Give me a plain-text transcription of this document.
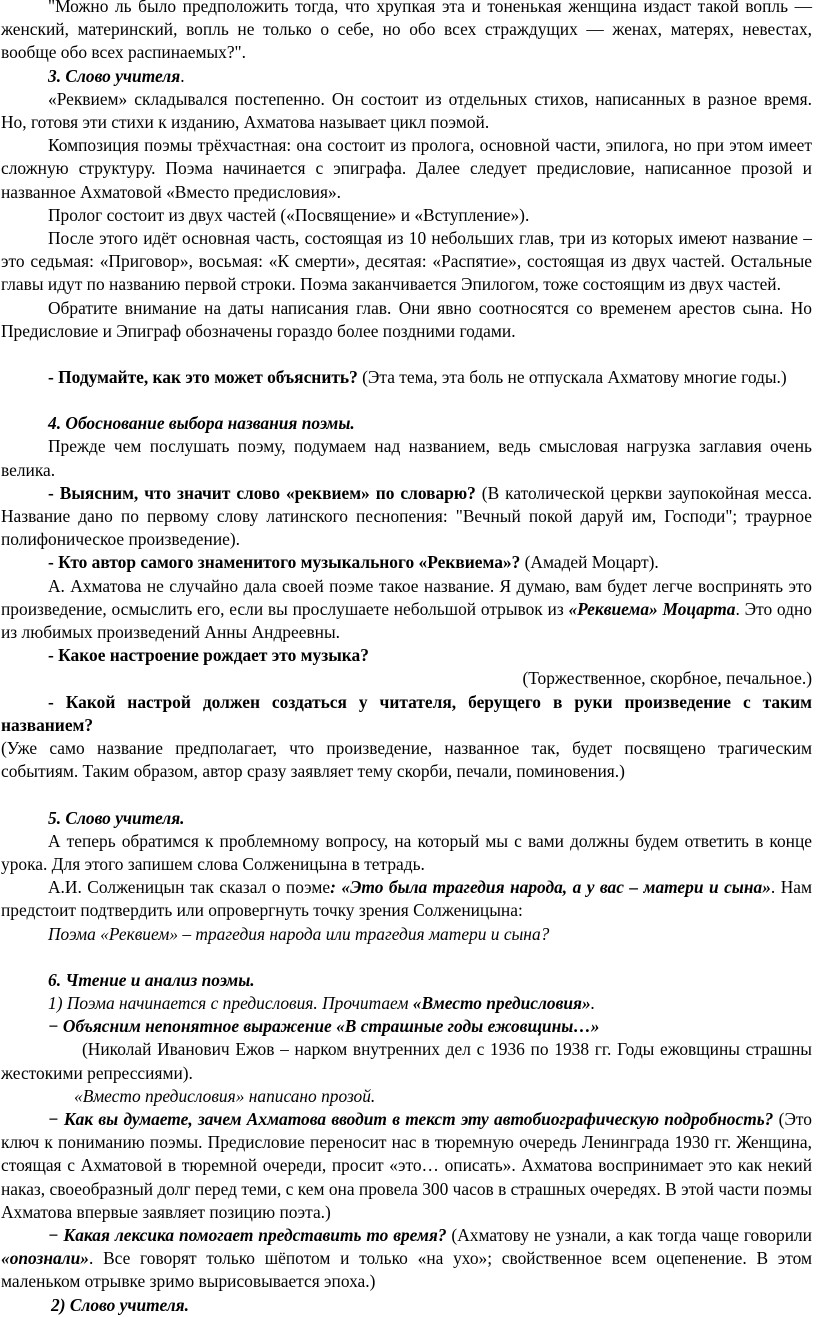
"Можно ль было предположить тогда, что хрупкая эта и тоненькая женщина издаст такой вопль — женский, материнский, вопль не только о себе, но обо всех страждущих — женах, матерях, невестах, вообще обо всех распинаемых?".

3. Слово учителя.

«Реквием» складывался постепенно. Он состоит из отдельных стихов, написанных в разное время. Но, готовя эти стихи к изданию, Ахматова называет цикл поэмой.

Композиция поэмы трёхчастная: она состоит из пролога, основной части, эпилога, но при этом имеет сложную структуру. Поэма начинается с эпиграфа. Далее следует предисловие, написанное прозой и названное Ахматовой «Вместо предисловия».

Пролог состоит из двух частей («Посвящение» и «Вступление»).

После этого идёт основная часть, состоящая из 10 небольших глав, три из которых имеют название – это седьмая: «Приговор», восьмая: «К смерти», десятая: «Распятие», состоящая из двух частей. Остальные главы идут по названию первой строки. Поэма заканчивается Эпилогом, тоже состоящим из двух частей.

Обратите внимание на даты написания глав. Они явно соотносятся со временем арестов сына. Но Предисловие и Эпиграф обозначены гораздо более поздними годами.

- Подумайте, как это может объяснить? (Эта тема, эта боль не отпускала Ахматову многие годы.)

4. Обоснование выбора названия поэмы.

Прежде чем послушать поэму, подумаем над названием, ведь смысловая нагрузка заглавия очень велика.

- Выясним, что значит слово «реквием» по словарю? (В католической церкви заупокойная месса. Название дано по первому слову латинского песнопения: "Вечный покой даруй им, Господи"; траурное полифоническое произведение).

- Кто автор самого знаменитого музыкального «Реквиема»? (Амадей Моцарт).

А. Ахматова не случайно дала своей поэме такое название. Я думаю, вам будет легче воспринять это произведение, осмыслить его, если вы прослушаете небольшой отрывок из «Реквиема» Моцарта. Это одно из любимых произведений Анны Андреевны.

- Какое настроение рождает это музыка?

(Торжественное, скорбное, печальное.)

- Какой настрой должен создаться у читателя, берущего в руки произведение с таким названием?

(Уже само название предполагает, что произведение, названное так, будет посвящено трагическим событиям. Таким образом, автор сразу заявляет тему скорби, печали, поминовения.)

5. Слово учителя.

А теперь обратимся к проблемному вопросу, на который мы с вами должны будем ответить в конце урока. Для этого запишем слова Солженицына в тетрадь.

А.И. Солженицын так сказал о поэме: «Это была трагедия народа, а у вас – матери и сына». Нам предстоит подтвердить или опровергнуть точку зрения Солженицына:

Поэма «Реквием» – трагедия народа или трагедия матери и сына?

6. Чтение и анализ поэмы.

1) Поэма начинается с предисловия. Прочитаем «Вместо предисловия».

− Объясним непонятное выражение «В страшные годы ежовщины…»

(Николай Иванович Ежов – нарком внутренних дел с 1936 по 1938 гг. Годы ежовщины страшны жестокими репрессиями).

«Вместо предисловия» написано прозой.

− Как вы думаете, зачем Ахматова вводит в текст эту автобиографическую подробность? (Это ключ к пониманию поэмы. Предисловие переносит нас в тюремную очередь Ленинграда 1930 гг. Женщина, стоящая с Ахматовой в тюремной очереди, просит «это… описать». Ахматова воспринимает это как некий наказ, своеобразный долг перед теми, с кем она провела 300 часов в страшных очередях. В этой части поэмы Ахматова впервые заявляет позицию поэта.)

− Какая лексика помогает представить то время? (Ахматову не узнали, а как тогда чаще говорили «опознали». Все говорят только шёпотом и только «на ухо»; свойственное всем оцепенение. В этом маленьком отрывке зримо вырисовывается эпоха.)

2) Слово учителя.
